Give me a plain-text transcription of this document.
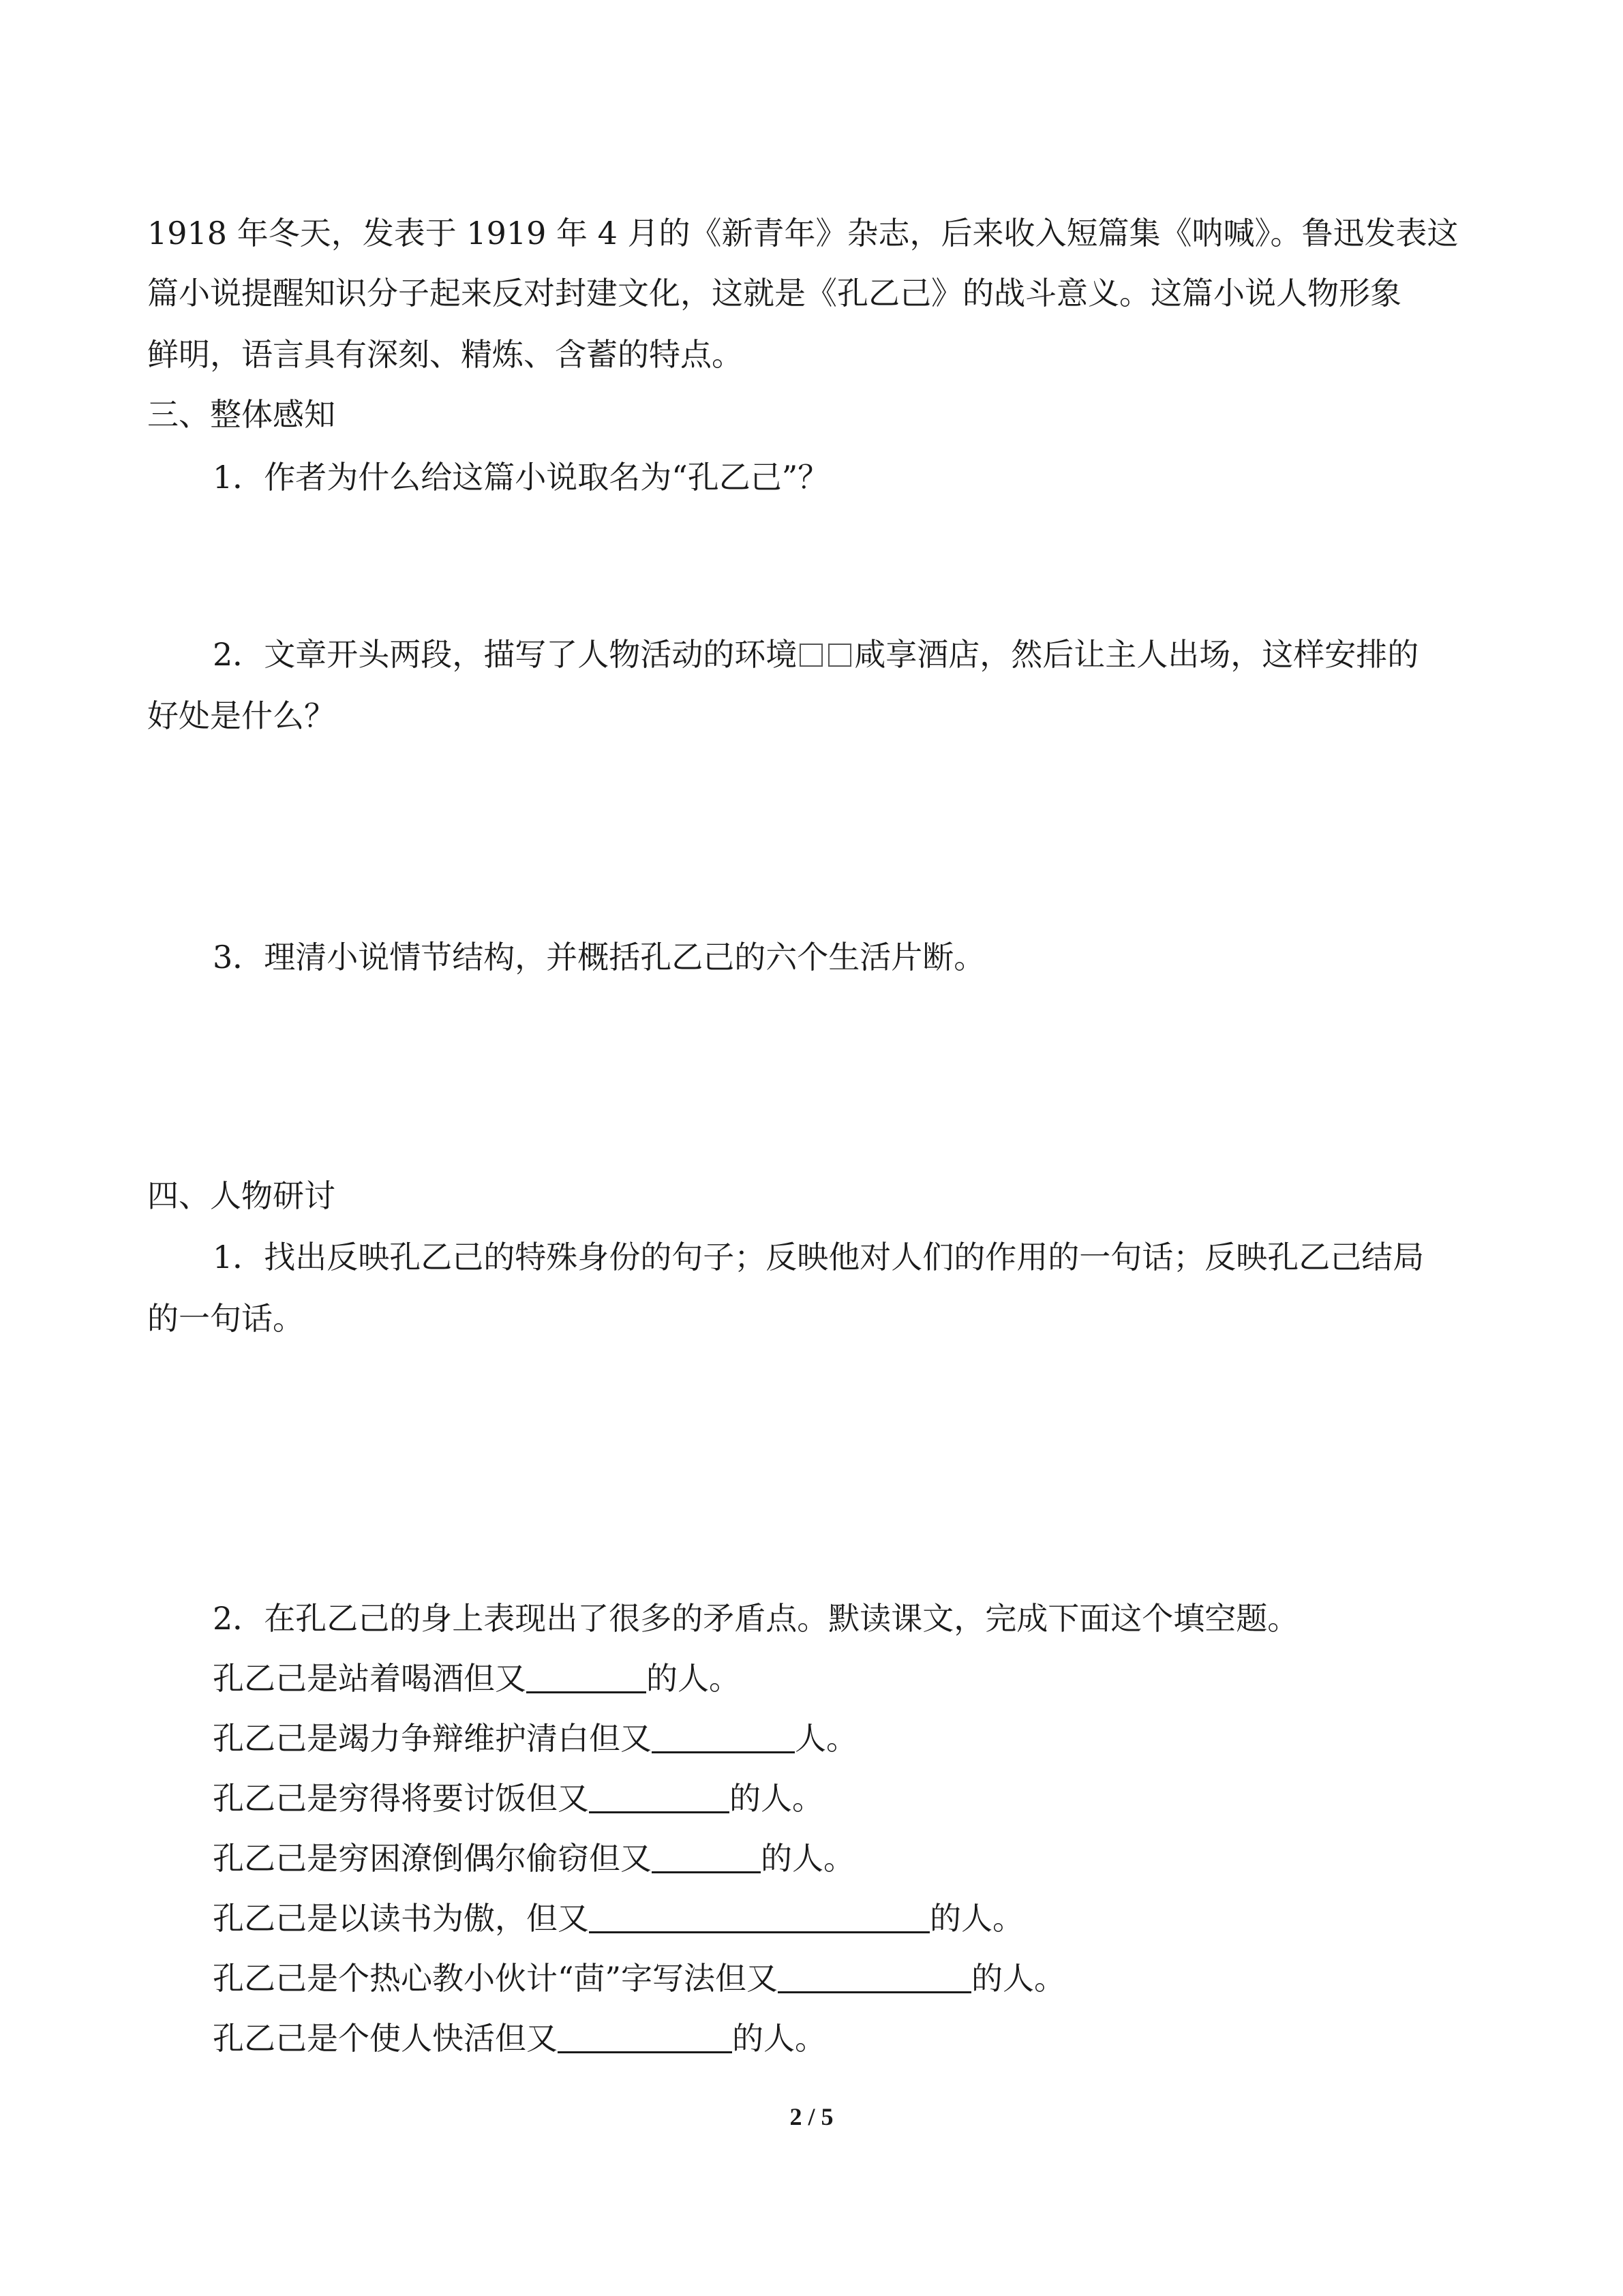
1918 年冬天，发表于 1919 年 4 月的《新青年》杂志，后来收入短篇集《呐喊》。鲁迅发表这
篇小说提醒知识分子起来反对封建文化，这就是《孔乙己》的战斗意义。这篇小说人物形象
鲜明，语言具有深刻、精炼、含蓄的特点。
三、整体感知
1．作者为什么给这篇小说取名为“孔乙己”？
2．文章开头两段，描写了人物活动的环境 咸享酒店，然后让主人出场，这样安排的
好处是什么？
3．理清小说情节结构，并概括孔乙己的六个生活片断。
四、人物研讨
1．找出反映孔乙己的特殊身份的句子；反映他对人们的作用的一句话；反映孔乙己结局
的一句话。
2．在孔乙己的身上表现出了很多的矛盾点。默读课文，完成下面这个填空题。
孔乙己是站着喝酒但又	的人。
孔乙己是竭力争辩维护清白但又	人。
孔乙己是穷得将要讨饭但又	的人。
孔乙己是穷困潦倒偶尔偷窃但又	的人。
孔乙己是以读书为傲，但又	的人。
孔乙己是个热心教小伙计“茴”字写法但又	的人。
孔乙己是个使人快活但又	的人。
2 / 5
